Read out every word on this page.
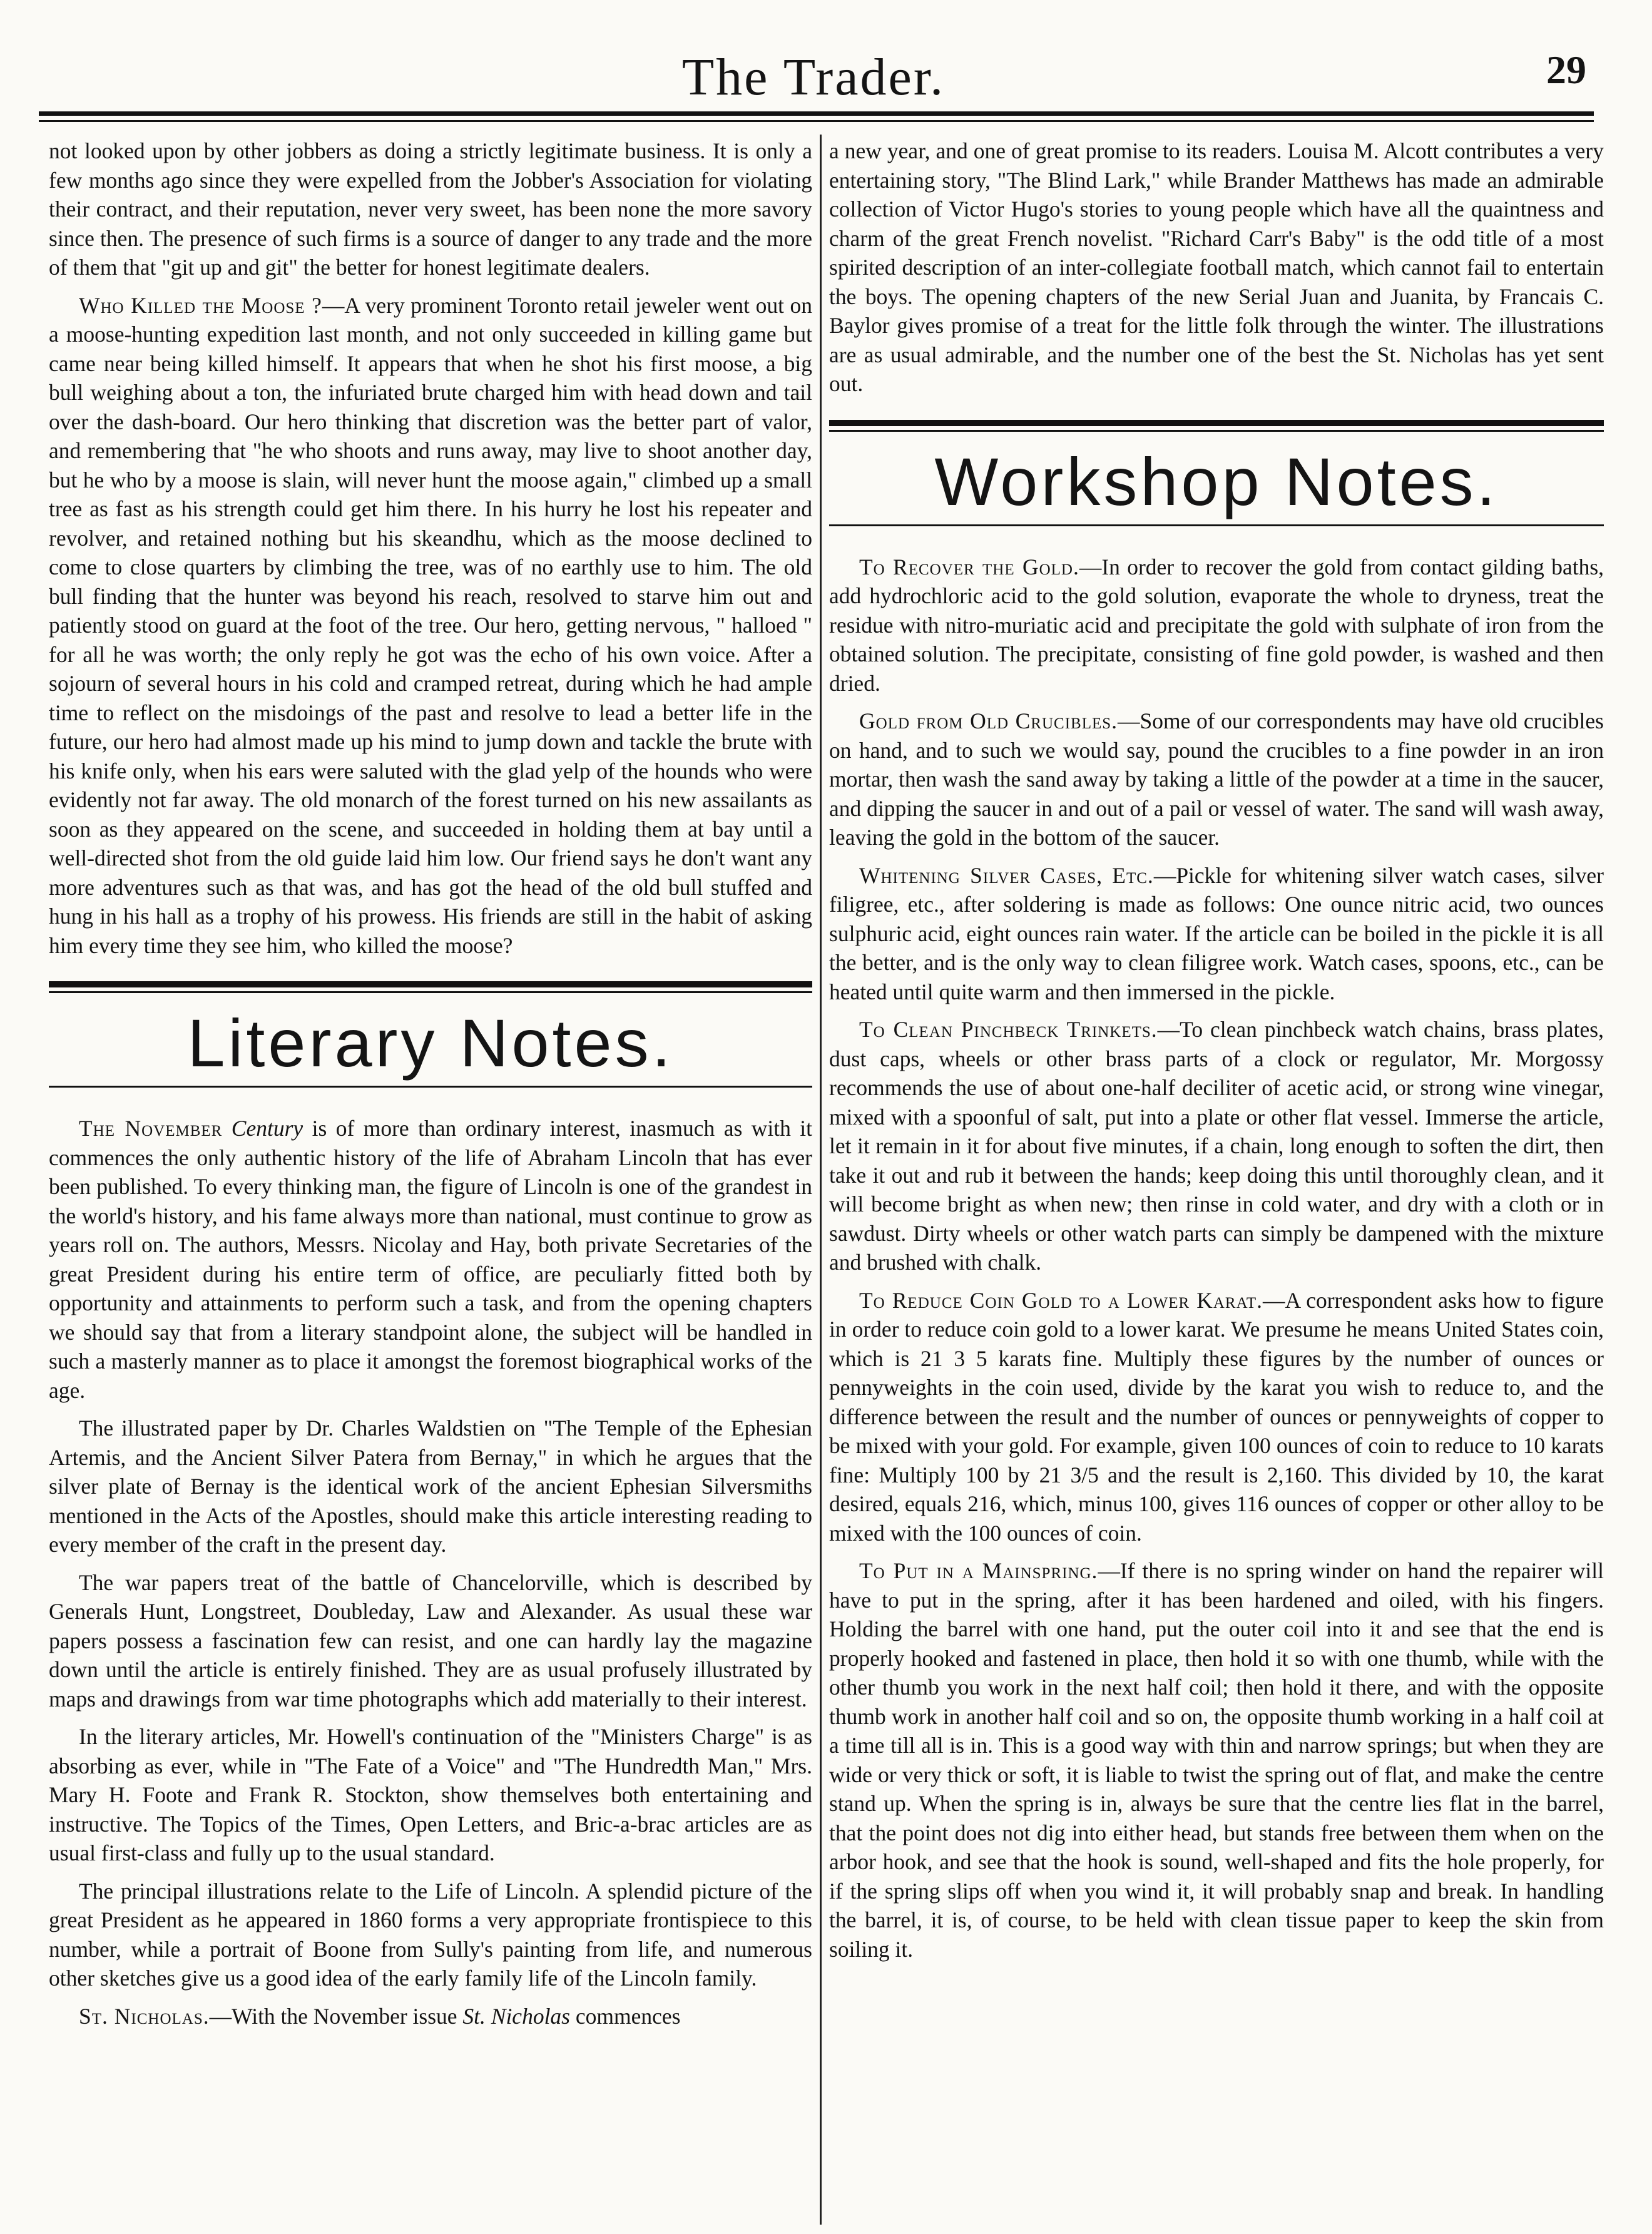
The Trader.	29

not looked upon by other jobbers as doing a strictly legitimate business. It is only a few months ago since they were expelled from the Jobber's Association for violating their contract, and their reputation, never very sweet, has been none the more savory since then. The presence of such firms is a source of danger to any trade and the more of them that "git up and git" the better for honest legitimate dealers.

Who Killed the Moose ?—A very prominent Toronto retail jeweler went out on a moose-hunting expedition last month, and not only succeeded in killing game but came near being killed himself. It appears that when he shot his first moose, a big bull weighing about a ton, the infuriated brute charged him with head down and tail over the dash-board. Our hero thinking that discretion was the better part of valor, and remembering that "he who shoots and runs away, may live to shoot another day, but he who by a moose is slain, will never hunt the moose again," climbed up a small tree as fast as his strength could get him there. In his hurry he lost his repeater and revolver, and retained nothing but his skeandhu, which as the moose declined to come to close quarters by climbing the tree, was of no earthly use to him. The old bull finding that the hunter was beyond his reach, resolved to starve him out and patiently stood on guard at the foot of the tree. Our hero, getting nervous, " halloed " for all he was worth; the only reply he got was the echo of his own voice. After a sojourn of several hours in his cold and cramped retreat, during which he had ample time to reflect on the misdoings of the past and resolve to lead a better life in the future, our hero had almost made up his mind to jump down and tackle the brute with his knife only, when his ears were saluted with the glad yelp of the hounds who were evidently not far away. The old monarch of the forest turned on his new assailants as soon as they appeared on the scene, and succeeded in holding them at bay until a well-directed shot from the old guide laid him low. Our friend says he don't want any more adventures such as that was, and has got the head of the old bull stuffed and hung in his hall as a trophy of his prowess. His friends are still in the habit of asking him every time they see him, who killed the moose?

Literary Notes.

The November Century is of more than ordinary interest, inasmuch as with it commences the only authentic history of the life of Abraham Lincoln that has ever been published. To every thinking man, the figure of Lincoln is one of the grandest in the world's history, and his fame always more than national, must continue to grow as years roll on. The authors, Messrs. Nicolay and Hay, both private Secretaries of the great President during his entire term of office, are peculiarly fitted both by opportunity and attainments to perform such a task, and from the opening chapters we should say that from a literary standpoint alone, the subject will be handled in such a masterly manner as to place it amongst the foremost biographical works of the age.

The illustrated paper by Dr. Charles Waldstien on "The Temple of the Ephesian Artemis, and the Ancient Silver Patera from Bernay," in which he argues that the silver plate of Bernay is the identical work of the ancient Ephesian Silversmiths mentioned in the Acts of the Apostles, should make this article interesting reading to every member of the craft in the present day.

The war papers treat of the battle of Chancelorville, which is described by Generals Hunt, Longstreet, Doubleday, Law and Alexander. As usual these war papers possess a fascination few can resist, and one can hardly lay the magazine down until the article is entirely finished. They are as usual profusely illustrated by maps and drawings from war time photographs which add materially to their interest.

In the literary articles, Mr. Howell's continuation of the "Ministers Charge" is as absorbing as ever, while in "The Fate of a Voice" and "The Hundredth Man," Mrs. Mary H. Foote and Frank R. Stockton, show themselves both entertaining and instructive. The Topics of the Times, Open Letters, and Bric-a-brac articles are as usual first-class and fully up to the usual standard.

The principal illustrations relate to the Life of Lincoln. A splendid picture of the great President as he appeared in 1860 forms a very appropriate frontispiece to this number, while a portrait of Boone from Sully's painting from life, and numerous other sketches give us a good idea of the early family life of the Lincoln family.

St. Nicholas.—With the November issue St. Nicholas commences

a new year, and one of great promise to its readers. Louisa M. Alcott contributes a very entertaining story, "The Blind Lark," while Brander Matthews has made an admirable collection of Victor Hugo's stories to young people which have all the quaintness and charm of the great French novelist. "Richard Carr's Baby" is the odd title of a most spirited description of an inter-collegiate football match, which cannot fail to entertain the boys. The opening chapters of the new Serial Juan and Juanita, by Francais C. Baylor gives promise of a treat for the little folk through the winter. The illustrations are as usual admirable, and the number one of the best the St. Nicholas has yet sent out.

Workshop Notes.

To Recover the Gold.—In order to recover the gold from contact gilding baths, add hydrochloric acid to the gold solution, evaporate the whole to dryness, treat the residue with nitro-muriatic acid and precipitate the gold with sulphate of iron from the obtained solution. The precipitate, consisting of fine gold powder, is washed and then dried.

Gold from Old Crucibles.—Some of our correspondents may have old crucibles on hand, and to such we would say, pound the crucibles to a fine powder in an iron mortar, then wash the sand away by taking a little of the powder at a time in the saucer, and dipping the saucer in and out of a pail or vessel of water. The sand will wash away, leaving the gold in the bottom of the saucer.

Whitening Silver Cases, Etc.—Pickle for whitening silver watch cases, silver filigree, etc., after soldering is made as follows: One ounce nitric acid, two ounces sulphuric acid, eight ounces rain water. If the article can be boiled in the pickle it is all the better, and is the only way to clean filigree work. Watch cases, spoons, etc., can be heated until quite warm and then immersed in the pickle.

To Clean Pinchbeck Trinkets.—To clean pinchbeck watch chains, brass plates, dust caps, wheels or other brass parts of a clock or regulator, Mr. Morgossy recommends the use of about one-half deciliter of acetic acid, or strong wine vinegar, mixed with a spoonful of salt, put into a plate or other flat vessel. Immerse the article, let it remain in it for about five minutes, if a chain, long enough to soften the dirt, then take it out and rub it between the hands; keep doing this until thoroughly clean, and it will become bright as when new; then rinse in cold water, and dry with a cloth or in sawdust. Dirty wheels or other watch parts can simply be dampened with the mixture and brushed with chalk.

To Reduce Coin Gold to a Lower Karat.—A correspondent asks how to figure in order to reduce coin gold to a lower karat. We presume he means United States coin, which is 21 3 5 karats fine. Multiply these figures by the number of ounces or pennyweights in the coin used, divide by the karat you wish to reduce to, and the difference between the result and the number of ounces or pennyweights of copper to be mixed with your gold. For example, given 100 ounces of coin to reduce to 10 karats fine: Multiply 100 by 21 3/5 and the result is 2,160. This divided by 10, the karat desired, equals 216, which, minus 100, gives 116 ounces of copper or other alloy to be mixed with the 100 ounces of coin.

To Put in a Mainspring.—If there is no spring winder on hand the repairer will have to put in the spring, after it has been hardened and oiled, with his fingers. Holding the barrel with one hand, put the outer coil into it and see that the end is properly hooked and fastened in place, then hold it so with one thumb, while with the other thumb you work in the next half coil; then hold it there, and with the opposite thumb work in another half coil and so on, the opposite thumb working in a half coil at a time till all is in. This is a good way with thin and narrow springs; but when they are wide or very thick or soft, it is liable to twist the spring out of flat, and make the centre stand up. When the spring is in, always be sure that the centre lies flat in the barrel, that the point does not dig into either head, but stands free between them when on the arbor hook, and see that the hook is sound, well-shaped and fits the hole properly, for if the spring slips off when you wind it, it will probably snap and break. In handling the barrel, it is, of course, to be held with clean tissue paper to keep the skin from soiling it.
